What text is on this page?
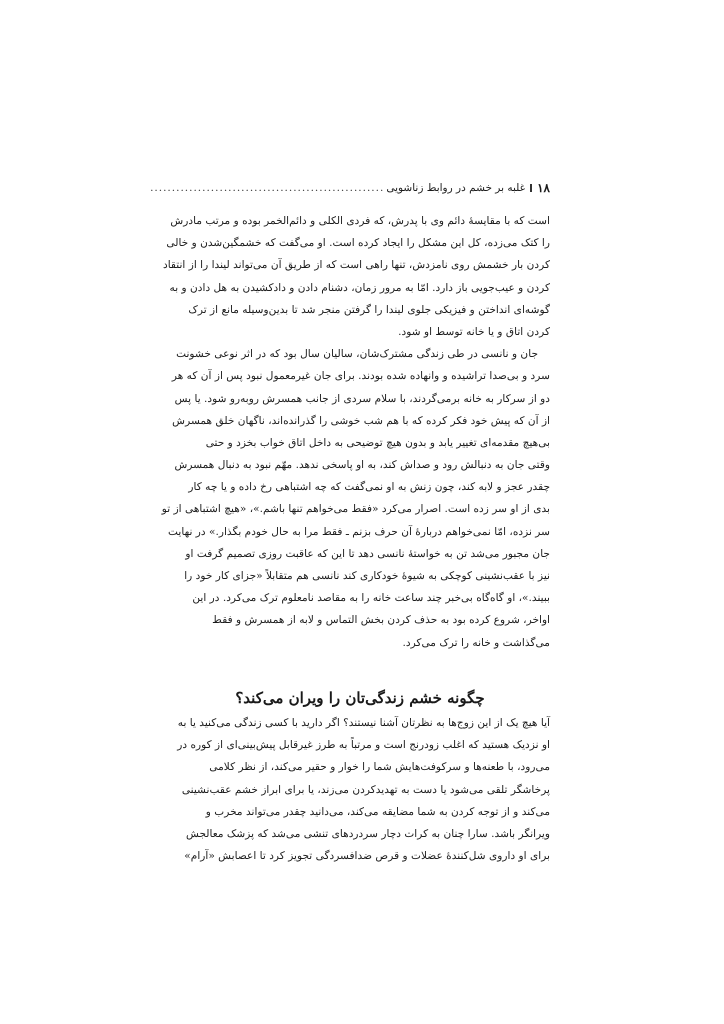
۱۸
غلبه بر خشم در روابط زناشویی
......................................................
است که با مقایسهٔ دائم وی با پدرش، که فردی الکلی و دائم‌الخمر بوده و مرتب مادرش
را کتک می‌زده، کل این مشکل را ایجاد کرده است. او می‌گفت که خشمگین‌شدن و خالی
کردن بار خشمش روی نامزدش، تنها راهی است که از طریق آن می‌تواند لیندا را از انتقاد
کردن و عیب‌جویی باز دارد. امّا به مرور زمان، دشنام دادن و دادکشیدن به هل دادن و به
گوشه‌ای انداختن و فیزیکی جلوی لیندا را گرفتن منجر شد تا بدین‌وسیله مانع از ترک
کردن اتاق و یا خانه توسط او شود.
جان و نانسی در طی زندگی مشترک‌شان، سالیان سال بود که در اثر نوعی خشونت
سرد و بی‌صدا تراشیده و وانهاده شده بودند. برای جان غیرمعمول نبود پس از آن که هر
دو از سرکار به خانه برمی‌گردند، با سلام سردی از جانب همسرش روبه‌رو شود. یا پس
از آن که پیش خود فکر کرده که با هم شب خوشی را گذرانده‌اند، ناگهان خلق همسرش
بی‌هیچ مقدمه‌ای تغییر یابد و بدون هیچ توضیحی به داخل اتاق خواب بخزد و حتی
وقتی جان به دنبالش رود و صداش کند، به او پاسخی ندهد. مهّم نبود به دنبال همسرش
چقدر عجز و لابه کند، چون زنش به او نمی‌گفت که چه اشتباهی رخ داده و یا چه کار
بدی از او سر زده است. اصرار می‌کرد «فقط می‌خواهم تنها باشم.»، «هیچ اشتباهی از تو
سر نزده، امّا نمی‌خواهم دربارهٔ آن حرف بزنم ـ فقط مرا به حال خودم بگذار.» در نهایت
جان مجبور می‌شد تن به خواستهٔ نانسی دهد تا این که عاقبت روزی تصمیم گرفت او
نیز با عقب‌نشینی کوچکی به شیوهٔ خودکاری کند نانسی هم متقابلاً «جزای کار خود را
ببیند.»، او گاه‌گاه بی‌خبر چند ساعت خانه را به مقاصد نامعلوم ترک می‌کرد. در این
اواخر، شروع کرده بود به حذف کردن بخش التماس و لابه از همسرش و فقط
می‌گذاشت و خانه را ترک می‌کرد.
چگونه خشم زندگی‌تان را ویران می‌کند؟
آیا هیچ یک از این زوج‌ها به نظرتان آشنا نیستند؟ اگر دارید با کسی زندگی می‌کنید یا به
او نزدیک هستید که اغلب زودرنج است و مرتباً به طرز غیرقابل پیش‌بینی‌ای از کوره در
می‌رود، با طعنه‌ها و سرکوفت‌هایش شما را خوار و حقیر می‌کند، از نظر کلامی
پرخاشگر تلقی می‌شود یا دست به تهدیدکردن می‌زند، یا برای ابراز خشم عقب‌نشینی
می‌کند و از توجه کردن به شما مضایقه می‌کند، می‌دانید چقدر می‌تواند مخرب و
ویرانگر باشد. سارا چنان به کرات دچار سردردهای تنشی می‌شد که پزشک معالجش
برای او داروی شل‌کنندهٔ عضلات و قرص ضدافسردگی تجویز کرد تا اعصابش «آرام»
